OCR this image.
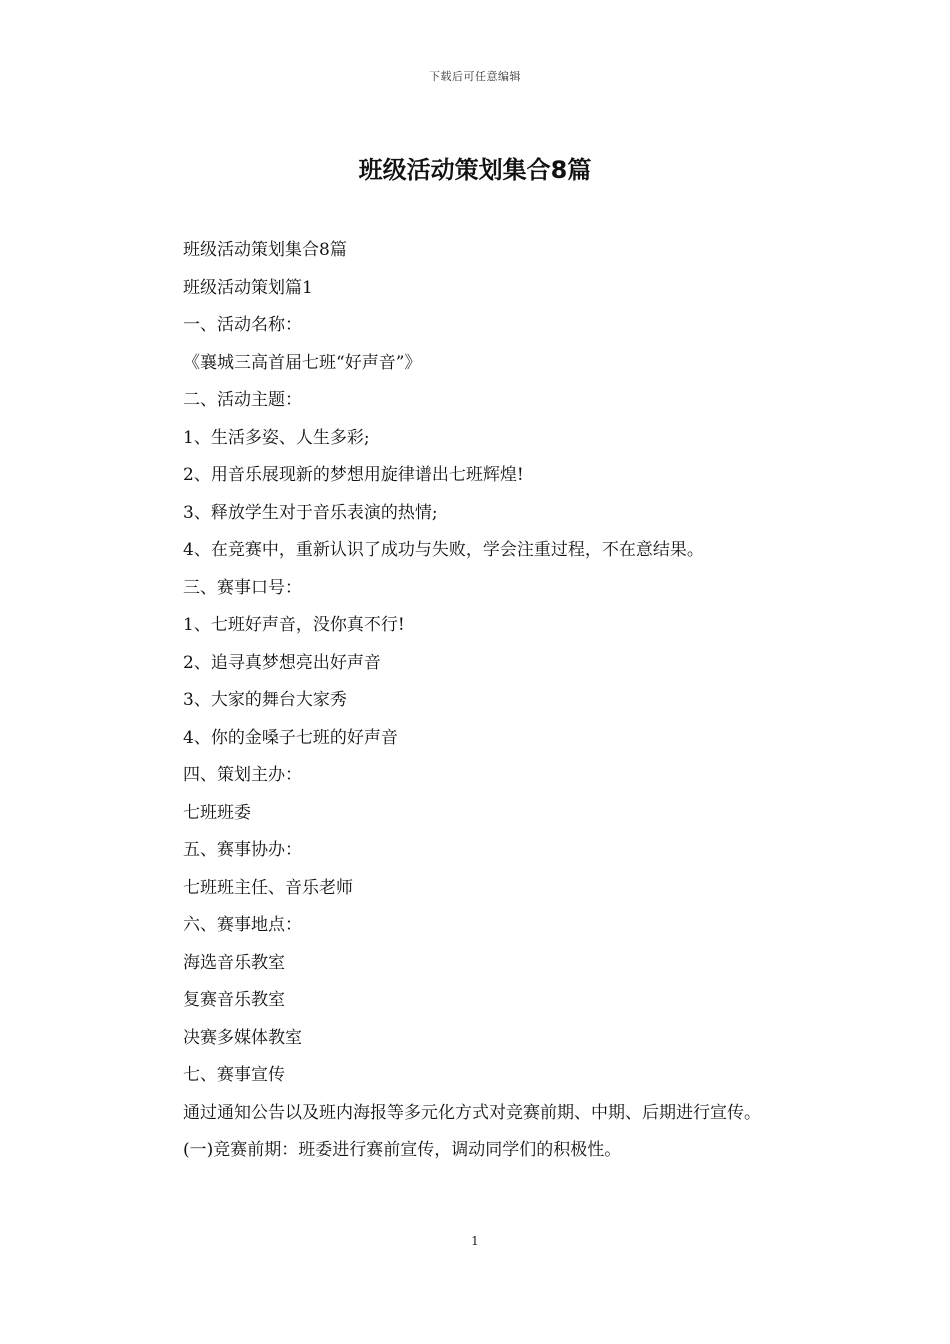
下载后可任意编辑
班级活动策划集合8篇

班级活动策划集合8篇

班级活动策划篇1

一、活动名称：

《襄城三高首届七班“好声音”》

二、活动主题：

1、生活多姿、人生多彩;

2、用音乐展现新的梦想用旋律谱出七班辉煌!

3、释放学生对于音乐表演的热情;

4、在竞赛中，重新认识了成功与失败，学会注重过程，不在意结果。

三、赛事口号：

1、七班好声音，没你真不行!

2、追寻真梦想亮出好声音

3、大家的舞台大家秀

4、你的金嗓子七班的好声音

四、策划主办：

七班班委

五、赛事协办：

七班班主任、音乐老师

六、赛事地点：

海选音乐教室

复赛音乐教室

决赛多媒体教室

七、赛事宣传

通过通知公告以及班内海报等多元化方式对竞赛前期、中期、后期进行宣传。

(一)竞赛前期：班委进行赛前宣传，调动同学们的积极性。

1
